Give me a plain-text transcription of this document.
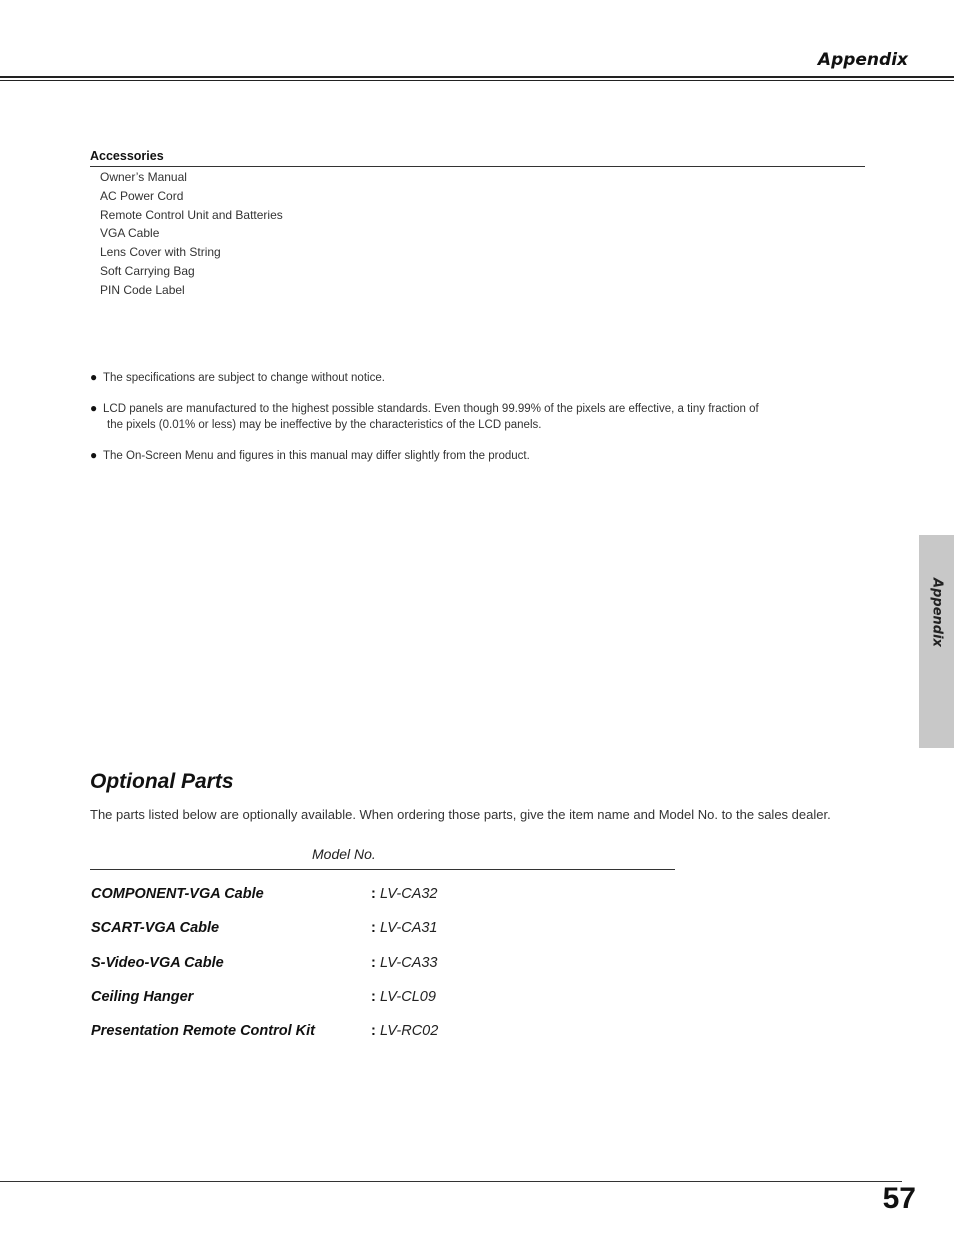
Appendix
Accessories
Owner’s Manual
AC Power Cord
Remote Control Unit and Batteries
VGA Cable
Lens Cover with String
Soft Carrying Bag
PIN Code Label
● The specifications are subject to change without notice.
● LCD panels are manufactured to the highest possible standards. Even though 99.99% of the pixels are effective, a tiny fraction of
the pixels (0.01% or less) may be ineffective by the characteristics of the LCD panels.
● The On-Screen Menu and figures in this manual may differ slightly from the product.
Appendix
Optional Parts
The parts listed below are optionally available. When ordering those parts, give the item name and Model No. to the sales dealer.
Model No.
COMPONENT-VGA Cable	: LV-CA32
SCART-VGA Cable	: LV-CA31
S-Video-VGA Cable	: LV-CA33
Ceiling Hanger	: LV-CL09
Presentation Remote Control Kit	: LV-RC02
57
